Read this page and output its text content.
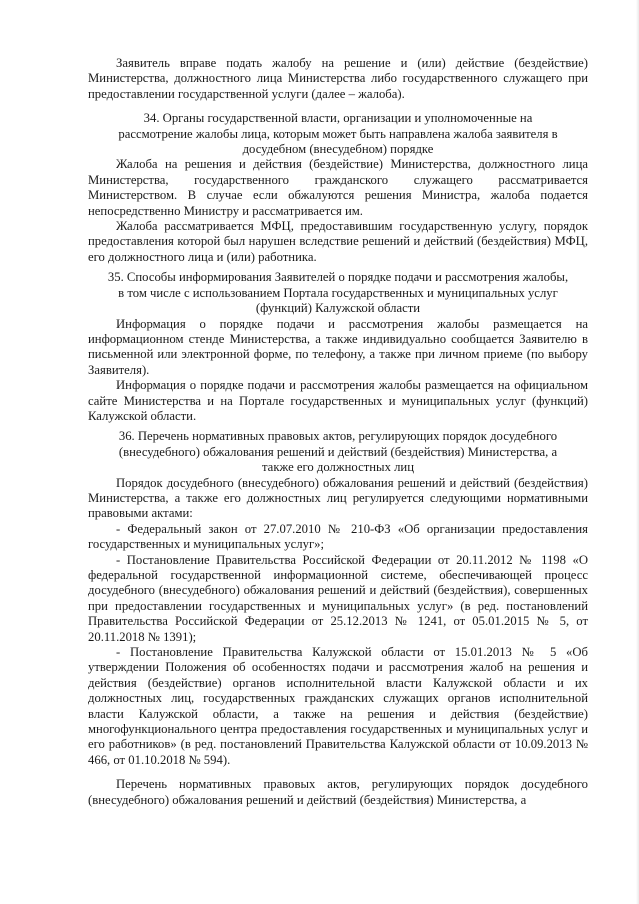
Заявитель вправе подать жалобу на решение и (или) действие (бездействие) Министерства, должностного лица Министерства либо государственного служащего при предоставлении государственной услуги (далее – жалоба).

34. Органы государственной власти, организации и уполномоченные на рассмотрение жалобы лица, которым может быть направлена жалоба заявителя в досудебном (внесудебном) порядке

Жалоба на решения и действия (бездействие) Министерства, должностного лица Министерства, государственного гражданского служащего рассматривается Министерством. В случае если обжалуются решения Министра, жалоба подается непосредственно Министру и рассматривается им.

Жалоба рассматривается МФЦ, предоставившим государственную услугу, порядок предоставления которой был нарушен вследствие решений и действий (бездействия) МФЦ, его должностного лица и (или) работника.

35. Способы информирования Заявителей о порядке подачи и рассмотрения жалобы, в том числе с использованием Портала государственных и муниципальных услуг (функций) Калужской области

Информация о порядке подачи и рассмотрения жалобы размещается на информационном стенде Министерства, а также индивидуально сообщается Заявителю в письменной или электронной форме, по телефону, а также при личном приеме (по выбору Заявителя).

Информация о порядке подачи и рассмотрения жалобы размещается на официальном сайте Министерства и на Портале государственных и муниципальных услуг (функций) Калужской области.

36. Перечень нормативных правовых актов, регулирующих порядок досудебного (внесудебного) обжалования решений и действий (бездействия) Министерства, а также его должностных лиц

Порядок досудебного (внесудебного) обжалования решений и действий (бездействия) Министерства, а также его должностных лиц регулируется следующими нормативными правовыми актами:

- Федеральный закон от 27.07.2010 № 210-ФЗ «Об организации предоставления государственных и муниципальных услуг»;

- Постановление Правительства Российской Федерации от 20.11.2012 № 1198 «О федеральной государственной информационной системе, обеспечивающей процесс досудебного (внесудебного) обжалования решений и действий (бездействия), совершенных при предоставлении государственных и муниципальных услуг» (в ред. постановлений Правительства Российской Федерации от 25.12.2013 № 1241, от 05.01.2015 № 5, от 20.11.2018 № 1391);

- Постановление Правительства Калужской области от 15.01.2013 № 5 «Об утверждении Положения об особенностях подачи и рассмотрения жалоб на решения и действия (бездействие) органов исполнительной власти Калужской области и их должностных лиц, государственных гражданских служащих органов исполнительной власти Калужской области, а также на решения и действия (бездействие) многофункционального центра предоставления государственных и муниципальных услуг и его работников» (в ред. постановлений Правительства Калужской области от 10.09.2013 № 466, от 01.10.2018 № 594).

Перечень нормативных правовых актов, регулирующих порядок досудебного (внесудебного) обжалования решений и действий (бездействия) Министерства, а
